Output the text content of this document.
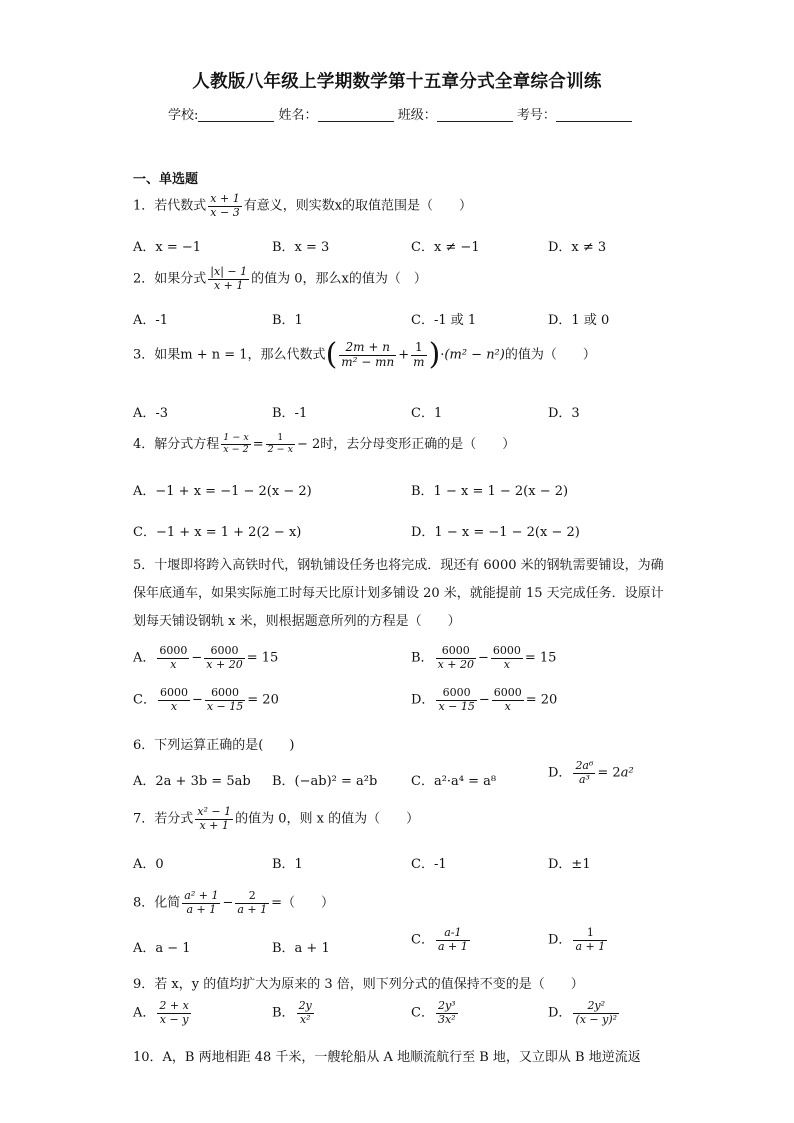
人教版八年级上学期数学第十五章分式全章综合训练
学校:	姓名：	班级：	考号：
一、单选题
1．若代数式 $\frac{x + 1}{x - 3}$ 有意义，则实数x的取值范围是（　　）
A．x = −1	B．x = 3	C．x ≠ −1	D．x ≠ 3
2．如果分式 $\frac{|x| - 1}{x + 1}$ 的值为 0，那么x的值为（　）
A．-1	B．1	C．-1 或 1	D．1 或 0
3．如果m + n = 1，那么代数式( $\frac{2m + n}{\text{m² − mn}} + \frac{1}{m} )\cdot(m^2 - n^2)$的值为（　　）
A．-3	B．-1	C．1	D．3
4．解分式方程 $\frac{1 - x}{x - 2} = \frac{1}{2 - x} - 2$时，去分母变形正确的是（　　）
A．−1 + x = −1 − 2(x − 2)	B．1 − x = 1 − 2(x − 2)
C．−1 + x = 1 + 2(2 − x)	D．1 − x = −1 − 2(x − 2)
5．十堰即将跨入高铁时代，钢轨铺设任务也将完成．现还有 6000 米的钢轨需要铺设，为确保年底通车，如果实际施工时每天比原计划多铺设 20 米，就能提前 15 天完成任务．设原计划每天铺设钢轨 x 米，则根据题意所列的方程是（　　）
A． $\frac{6000}{x} - \frac{6000}{x + 20} = 15$	B． $\frac{6000}{x + 20} - \frac{6000}{x} = 15$
C． $\frac{6000}{x} - \frac{6000}{x - 15} = 20$	D． $\frac{6000}{x - 15} - \frac{6000}{x} = 20$
6．下列运算正确的是(　　)
A．2a + 3b = 5ab B．(−ab)² = a²b	C．a²·a⁴ = a⁸
D． $\frac{\text{2a⁶}}{\text{a³}} = 2a^2$
7．若分式 $\frac{\text{x² − 1}}{x + 1}$ 的值为 0，则 x 的值为（　　）
A．0	B．1	C．-1	D．±1
8．化简 $\frac{\text{a² + 1}}{a + 1} - \frac{2}{a + 1}$ =（　　）
A．a − 1	B．a + 1
C． $\frac{a-1}{a + 1}$	D． $\frac{1}{a + 1}$
9．若 x，y 的值均扩大为原来的 3 倍，则下列分式的值保持不变的是（　　）
A． $\frac{2 + x}{x - y}$	B． $\frac{2y}{\text{x²}}$	C． $\frac{\text{2y³}}{\text{3x²}}$	D． $\frac{\text{2y²}}{\text{(x − y)²}}$
10．A，B 两地相距 48 千米，一艘轮船从 A 地顺流航行至 B 地，又立即从 B 地逆流返
